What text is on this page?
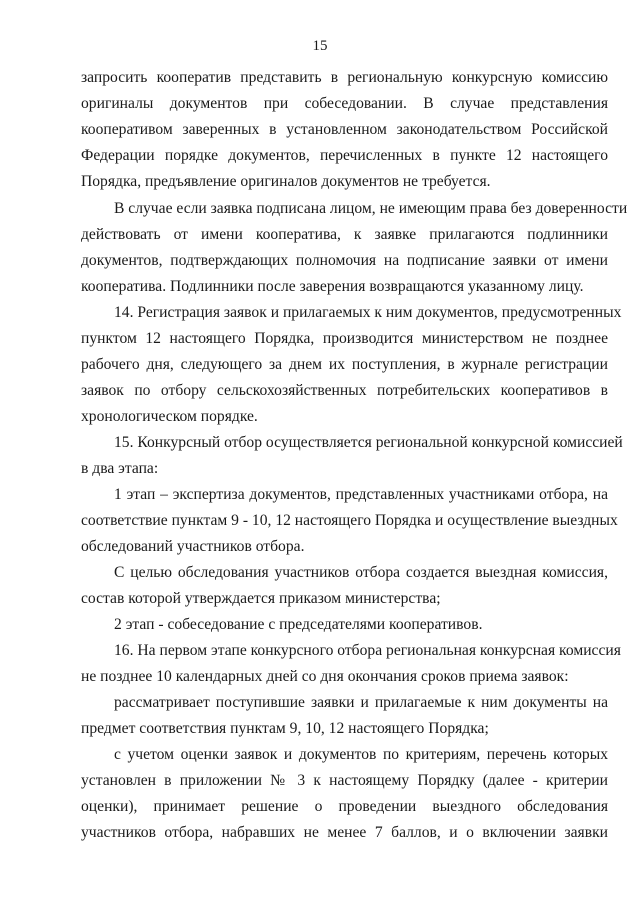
15
запросить кооператив представить в региональную конкурсную комиссию
оригиналы документов при собеседовании. В случае представления
кооперативом заверенных в установленном законодательством Российской
Федерации порядке документов, перечисленных в пункте 12 настоящего
Порядка, предъявление оригиналов документов не требуется.
В случае если заявка подписана лицом, не имеющим права без доверенности
действовать от имени кооператива, к заявке прилагаются подлинники
документов, подтверждающих полномочия на подписание заявки от имени
кооператива. Подлинники после заверения возвращаются указанному лицу.
14. Регистрация заявок и прилагаемых к ним документов, предусмотренных
пунктом 12 настоящего Порядка, производится министерством не позднее
рабочего дня, следующего за днем их поступления, в журнале регистрации
заявок по отбору сельскохозяйственных потребительских кооперативов в
хронологическом порядке.
15. Конкурсный отбор осуществляется региональной конкурсной комиссией
в два этапа:
1 этап – экспертиза документов, представленных участниками отбора, на
соответствие пунктам 9 - 10, 12 настоящего Порядка и осуществление выездных
обследований участников отбора.
С целью обследования участников отбора создается выездная комиссия,
состав которой утверждается приказом министерства;
2 этап - собеседование с председателями кооперативов.
16. На первом этапе конкурсного отбора региональная конкурсная комиссия
не позднее 10 календарных дней со дня окончания сроков приема заявок:
рассматривает поступившие заявки и прилагаемые к ним документы на
предмет соответствия пунктам 9, 10, 12 настоящего Порядка;
с учетом оценки заявок и документов по критериям, перечень которых
установлен в приложении № 3 к настоящему Порядку (далее - критерии
оценки), принимает решение о проведении выездного обследования
участников отбора, набравших не менее 7 баллов, и о включении заявки
